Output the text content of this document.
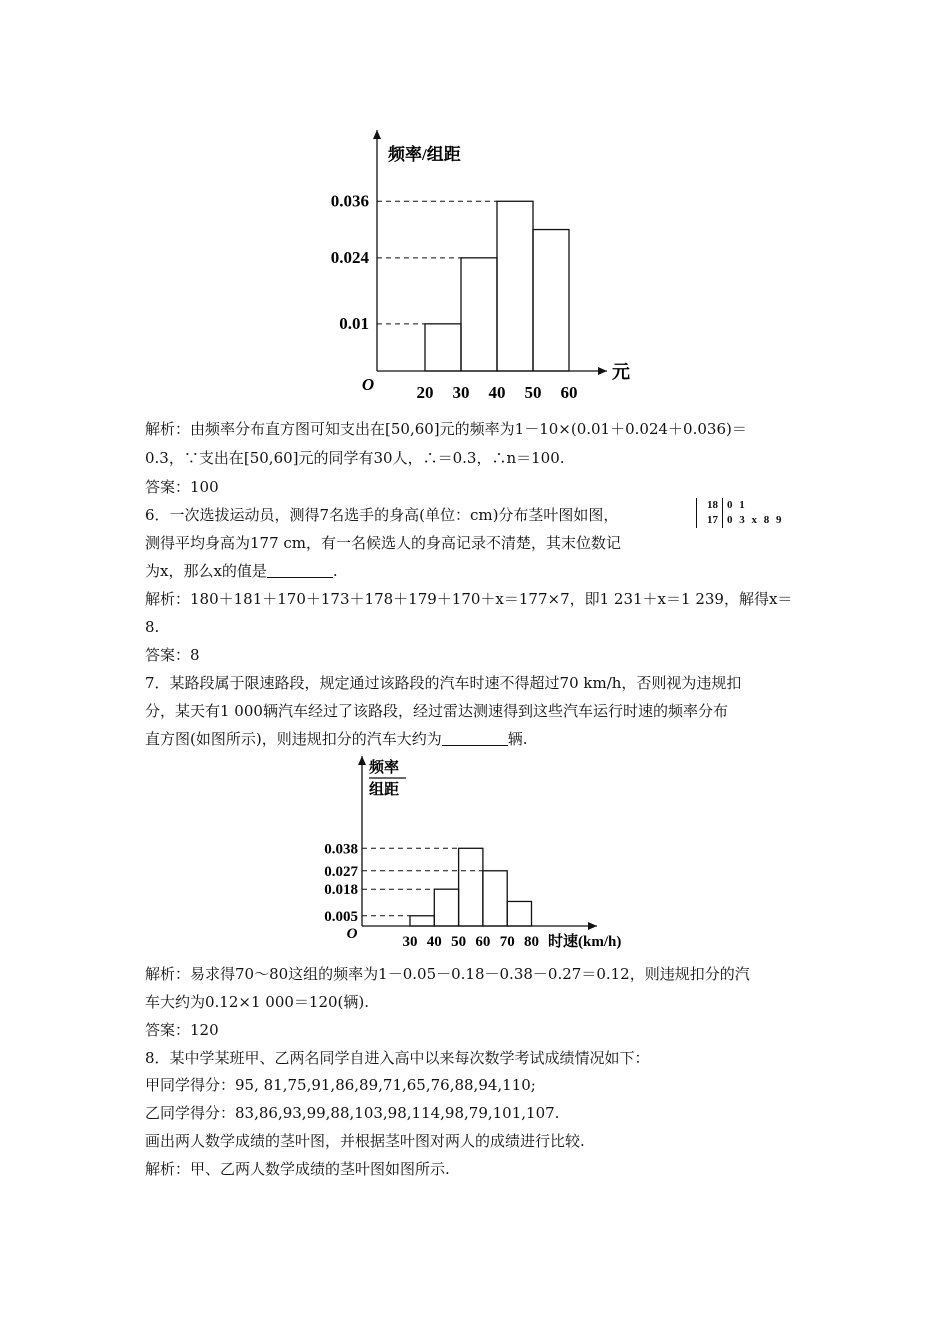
0.036
0.024
0.01
20 30 40 50 60
O
频率/组距
元
0.038
0.027
0.018
0.005
30 40 50 60 70 80
O
频率
组距
时速(km/h)
解析：由频率分布直方图可知支出在[50,60]元的频率为1－10×(0.01＋0.024＋0.036)＝
0.3，∵支出在[50,60]元的同学有30人，∴＝0.3，∴n＝100.
答案：100
6．一次选拔运动员，测得7名选手的身高(单位：cm)分布茎叶图如图，
测得平均身高为177 cm，有一名候选人的身高记录不清楚，其末位数记
为x，那么x的值是	.
18 0 1
17 0 3 x 8 9
解析：180＋181＋170＋173＋178＋179＋170＋x＝177×7，即1 231＋x＝1 239，解得x＝
8.
答案：8
7．某路段属于限速路段，规定通过该路段的汽车时速不得超过70 km/h，否则视为违规扣
分，某天有1 000辆汽车经过了该路段，经过雷达测速得到这些汽车运行时速的频率分布
直方图(如图所示)，则违规扣分的汽车大约为	辆.
解析：易求得70～80这组的频率为1－0.05－0.18－0.38－0.27＝0.12，则违规扣分的汽
车大约为0.12×1 000＝120(辆).
答案：120
8．某中学某班甲、乙两名同学自进入高中以来每次数学考试成绩情况如下：
甲同学得分：95, 81,75,91,86,89,71,65,76,88,94,110;
乙同学得分：83,86,93,99,88,103,98,114,98,79,101,107.
画出两人数学成绩的茎叶图，并根据茎叶图对两人的成绩进行比较.
解析：甲、乙两人数学成绩的茎叶图如图所示.
